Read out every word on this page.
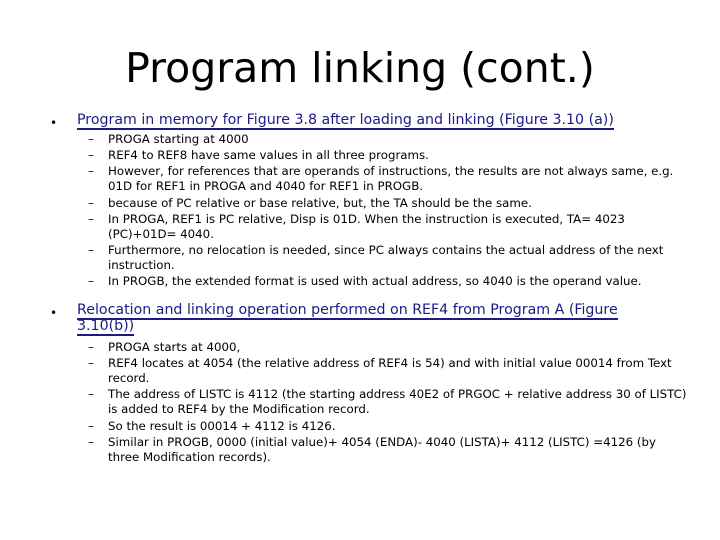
Program linking (cont.)
• Program in memory for Figure 3.8 after loading and linking (Figure 3.10 (a))
– PROGA starting at 4000
– REF4 to REF8 have same values in all three programs.
– However, for references that are operands of instructions, the results are not always same, e.g. 01D for REF1 in PROGA and 4040 for REF1 in PROGB.
– because of PC relative or base relative, but, the TA should be the same.
– In PROGA, REF1 is PC relative, Disp is 01D. When the instruction is executed, TA= 4023 (PC)+01D= 4040.
– Furthermore, no relocation is needed, since PC always contains the actual address of the next instruction.
– In PROGB, the extended format is used with actual address, so 4040 is the operand value.
• Relocation and linking operation performed on REF4 from Program A (Figure 3.10(b))
– PROGA starts at 4000,
– REF4 locates at 4054 (the relative address of REF4 is 54) and with initial value 00014 from Text record.
– The address of LISTC is 4112 (the starting address 40E2 of PRGOC + relative address 30 of LISTC) is added to REF4 by the Modification record.
– So the result is 00014 + 4112 is 4126.
– Similar in PROGB, 0000 (initial value)+ 4054 (ENDA)- 4040 (LISTA)+ 4112 (LISTC) =4126 (by three Modification records).
